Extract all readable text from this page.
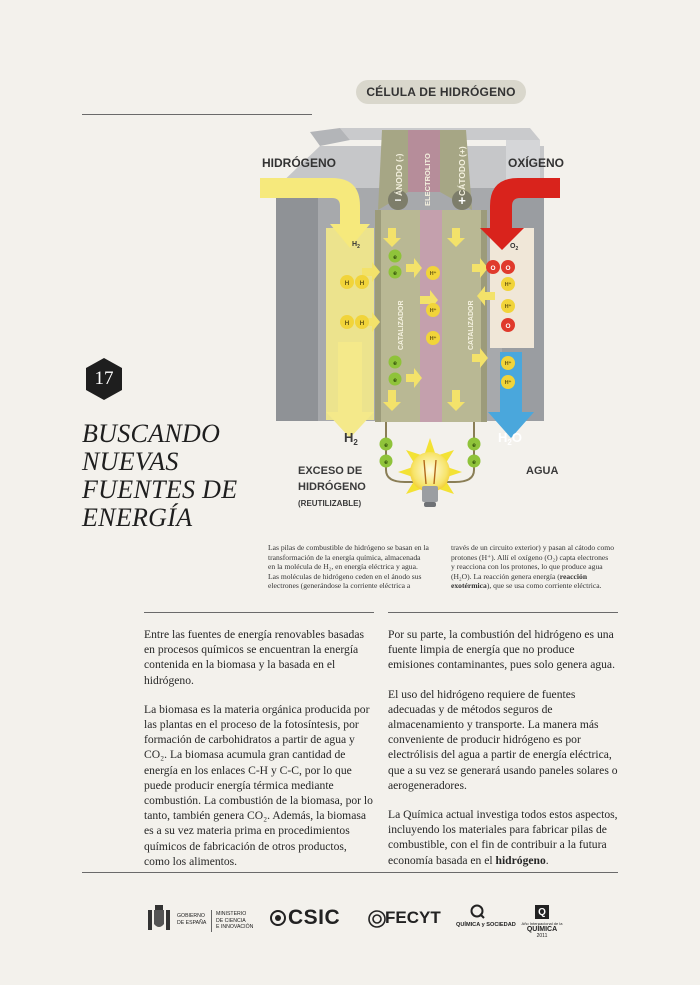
CÉLULA DE HIDRÓGENO
HIDRÓGENO	OXÍGENO
ÁNODO (-)	ELECTROLITO	CÁTODO (+)
−	+
CATALIZADOR	CATALIZADOR
$H_2$	$O_2$
H H
H H
e
e
e
e
e
e
e
e
H⁺
H⁺
H⁺
H⁺
H⁺
H⁺
H⁺
O O
O
$H_2$	$H_2O$
EXCESO DE
HIDRÓGENO
(REUTILIZABLE)
AGUA
17
BUSCANDO
NUEVAS
FUENTES DE
ENERGÍA
Las pilas de combustible de hidrógeno se basan en la
transformación de la energía química, almacenada
en la molécula de H₂, en energía eléctrica y agua.
Las moléculas de hidrógeno ceden en el ánodo sus
electrones (generándose la corriente eléctrica a
través de un circuito exterior) y pasan al cátodo como
protones (H⁺). Allí el oxígeno (O₂) capta electrones
y reacciona con los protones, lo que produce agua
(H₂O). La reacción genera energía (reacción
exotérmica), que se usa como corriente eléctrica.

Entre las fuentes de energía renovables basadas en procesos químicos se encuentran la energía contenida en la biomasa y la basada en el hidrógeno.

La biomasa es la materia orgánica producida por las plantas en el proceso de la fotosíntesis, por formación de carbohidratos a partir de agua y CO₂. La biomasa acumula gran cantidad de energía en los enlaces C-H y C-C, por lo que puede producir energía térmica mediante combustión. La combustión de la biomasa, por lo tanto, también genera CO₂. Además, la biomasa es a su vez materia prima en procedimientos químicos de fabricación de otros productos, como los alimentos.

Por su parte, la combustión del hidrógeno es una fuente limpia de energía que no produce emisiones contaminantes, pues solo genera agua.

El uso del hidrógeno requiere de fuentes adecuadas y de métodos seguros de almacenamiento y transporte. La manera más conveniente de producir hidrógeno es por electrólisis del agua a partir de energía eléctrica, que a su vez se generará usando paneles solares o aerogeneradores.

La Química actual investiga todos estos aspectos, incluyendo los materiales para fabricar pilas de combustible, con el fin de contribuir a la futura economía basada en el hidrógeno.

GOBIERNO
DE ESPAÑA
MINISTERIO
DE CIENCIA
E INNOVACIÓN CSIC	FECYT	QUÍMICA y SOCIEDAD
Q
Año Internacional de la
QUÍMICA
2011
